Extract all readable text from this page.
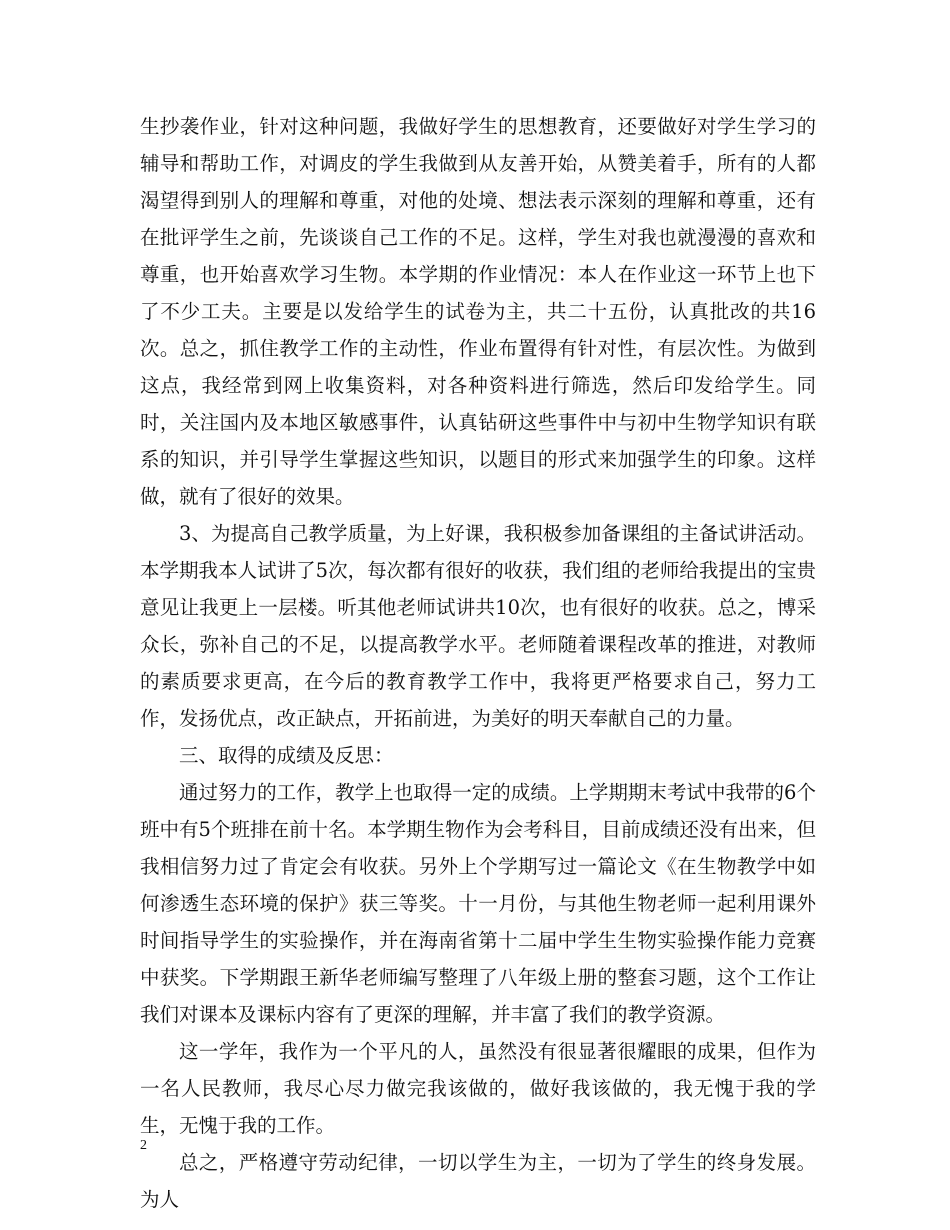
生抄袭作业，针对这种问题，我做好学生的思想教育，还要做好对学生学习的辅导和帮助工作，对调皮的学生我做到从友善开始，从赞美着手，所有的人都渴望得到别人的理解和尊重，对他的处境、想法表示深刻的理解和尊重，还有在批评学生之前，先谈谈自己工作的不足。这样，学生对我也就漫漫的喜欢和尊重，也开始喜欢学习生物。本学期的作业情况：本人在作业这一环节上也下了不少工夫。主要是以发给学生的试卷为主，共二十五份，认真批改的共16次。总之，抓住教学工作的主动性，作业布置得有针对性，有层次性。为做到这点，我经常到网上收集资料，对各种资料进行筛选，然后印发给学生。同时，关注国内及本地区敏感事件，认真钻研这些事件中与初中生物学知识有联系的知识，并引导学生掌握这些知识，以题目的形式来加强学生的印象。这样做，就有了很好的效果。

3、为提高自己教学质量，为上好课，我积极参加备课组的主备试讲活动。本学期我本人试讲了5次，每次都有很好的收获，我们组的老师给我提出的宝贵意见让我更上一层楼。听其他老师试讲共10次，也有很好的收获。总之，博采众长，弥补自己的不足，以提高教学水平。老师随着课程改革的推进，对教师的素质要求更高，在今后的教育教学工作中，我将更严格要求自己，努力工作，发扬优点，改正缺点，开拓前进，为美好的明天奉献自己的力量。

三、取得的成绩及反思：

通过努力的工作，教学上也取得一定的成绩。上学期期末考试中我带的6个班中有5个班排在前十名。本学期生物作为会考科目，目前成绩还没有出来，但我相信努力过了肯定会有收获。另外上个学期写过一篇论文《在生物教学中如何渗透生态环境的保护》获三等奖。十一月份，与其他生物老师一起利用课外时间指导学生的实验操作，并在海南省第十二届中学生生物实验操作能力竞赛中获奖。下学期跟王新华老师编写整理了八年级上册的整套习题，这个工作让我们对课本及课标内容有了更深的理解，并丰富了我们的教学资源。

这一学年，我作为一个平凡的人，虽然没有很显著很耀眼的成果，但作为一名人民教师，我尽心尽力做完我该做的，做好我该做的，我无愧于我的学生，无愧于我的工作。

总之，严格遵守劳动纪律，一切以学生为主，一切为了学生的终身发展。为人

2
